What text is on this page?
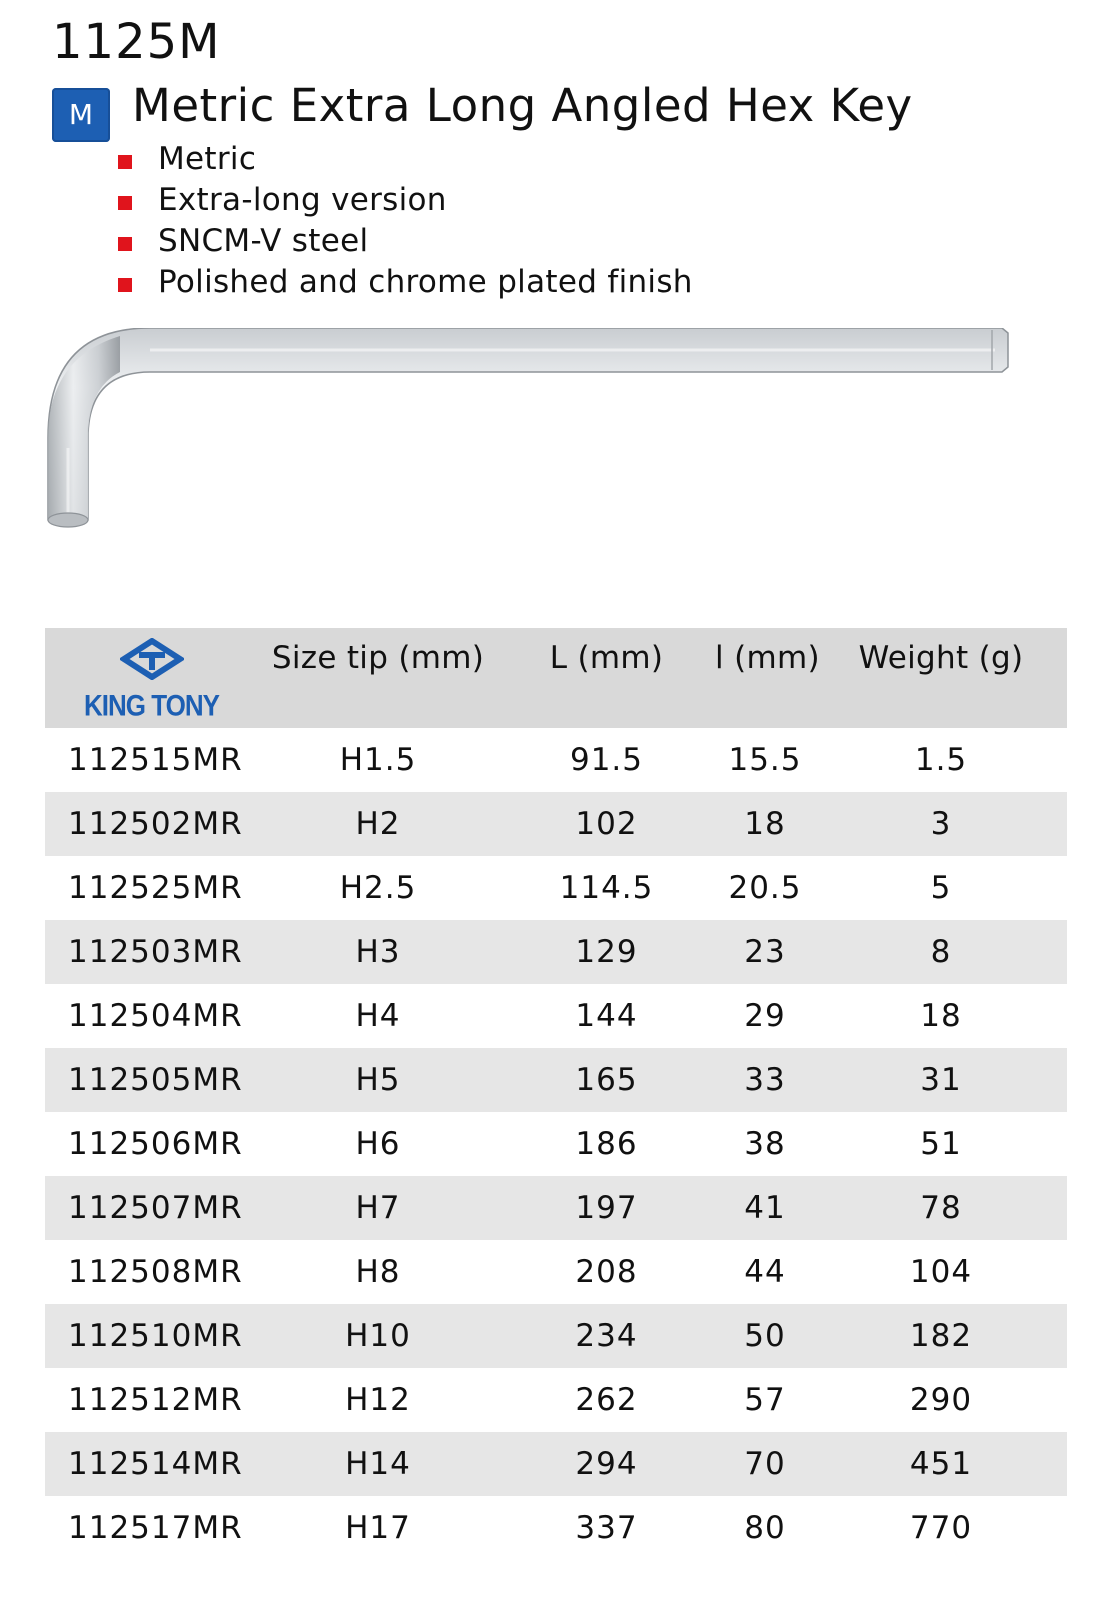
1125M
M Metric Extra Long Angled Hex Key
Metric
Extra-long version
SNCM-V steel
Polished and chrome plated finish
KING TONY	Size tip (mm)	L (mm)	l (mm)	Weight (g)
112515MR	H1.5	91.5	15.5	1.5
112502MR	H2	102	18	3
112525MR	H2.5	114.5	20.5	5
112503MR	H3	129	23	8
112504MR	H4	144	29	18
112505MR	H5	165	33	31
112506MR	H6	186	38	51
112507MR	H7	197	41	78
112508MR	H8	208	44	104
112510MR	H10	234	50	182
112512MR	H12	262	57	290
112514MR	H14	294	70	451
112517MR	H17	337	80	770
